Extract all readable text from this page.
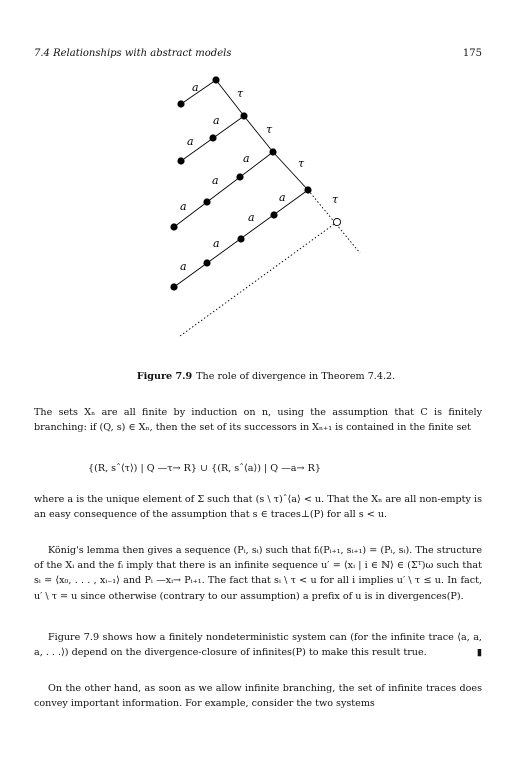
7.4 Relationships with abstract models	175
a	τ
a
a
τ
a	τ
a
a
a	τ
a
a
a
Figure 7.9 The role of divergence in Theorem 7.4.2.

The sets Xₙ are all finite by induction on n, using the assumption that C is finitely branching: if (Q, s) ∈ Xₙ, then the set of its successors in Xₙ₊₁ is contained in the finite set

{(R, sˆ⟨τ⟩) | Q —τ→ R} ∪ {(R, sˆ⟨a⟩) | Q —a→ R}

where a is the unique element of Σ such that (s \ τ)ˆ⟨a⟩ < u. That the Xₙ are all non-empty is an easy consequence of the assumption that s ∈ traces⊥(P) for all s < u.

König's lemma then gives a sequence (Pᵢ, sᵢ) such that fᵢ(Pᵢ₊₁, sᵢ₊₁) = (Pᵢ, sᵢ). The structure of the Xᵢ and the fᵢ imply that there is an infinite sequence u′ = ⟨xᵢ | i ∈ ℕ⟩ ∈ (Σᵀ)ω such that sᵢ = ⟨x₀, . . . , xᵢ₋₁⟩ and Pᵢ —xᵢ→ Pᵢ₊₁. The fact that sᵢ \ τ < u for all i implies u′ \ τ ≤ u. In fact, u′ \ τ = u since otherwise (contrary to our assumption) a prefix of u is in divergences(P).

Figure 7.9 shows how a finitely nondeterministic system can (for the infinite trace ⟨a, a, a, . . .⟩) depend on the divergence-closure of infinites(P) to make this result true.	▮

On the other hand, as soon as we allow infinite branching, the set of infinite traces does convey important information. For example, consider the two systems
